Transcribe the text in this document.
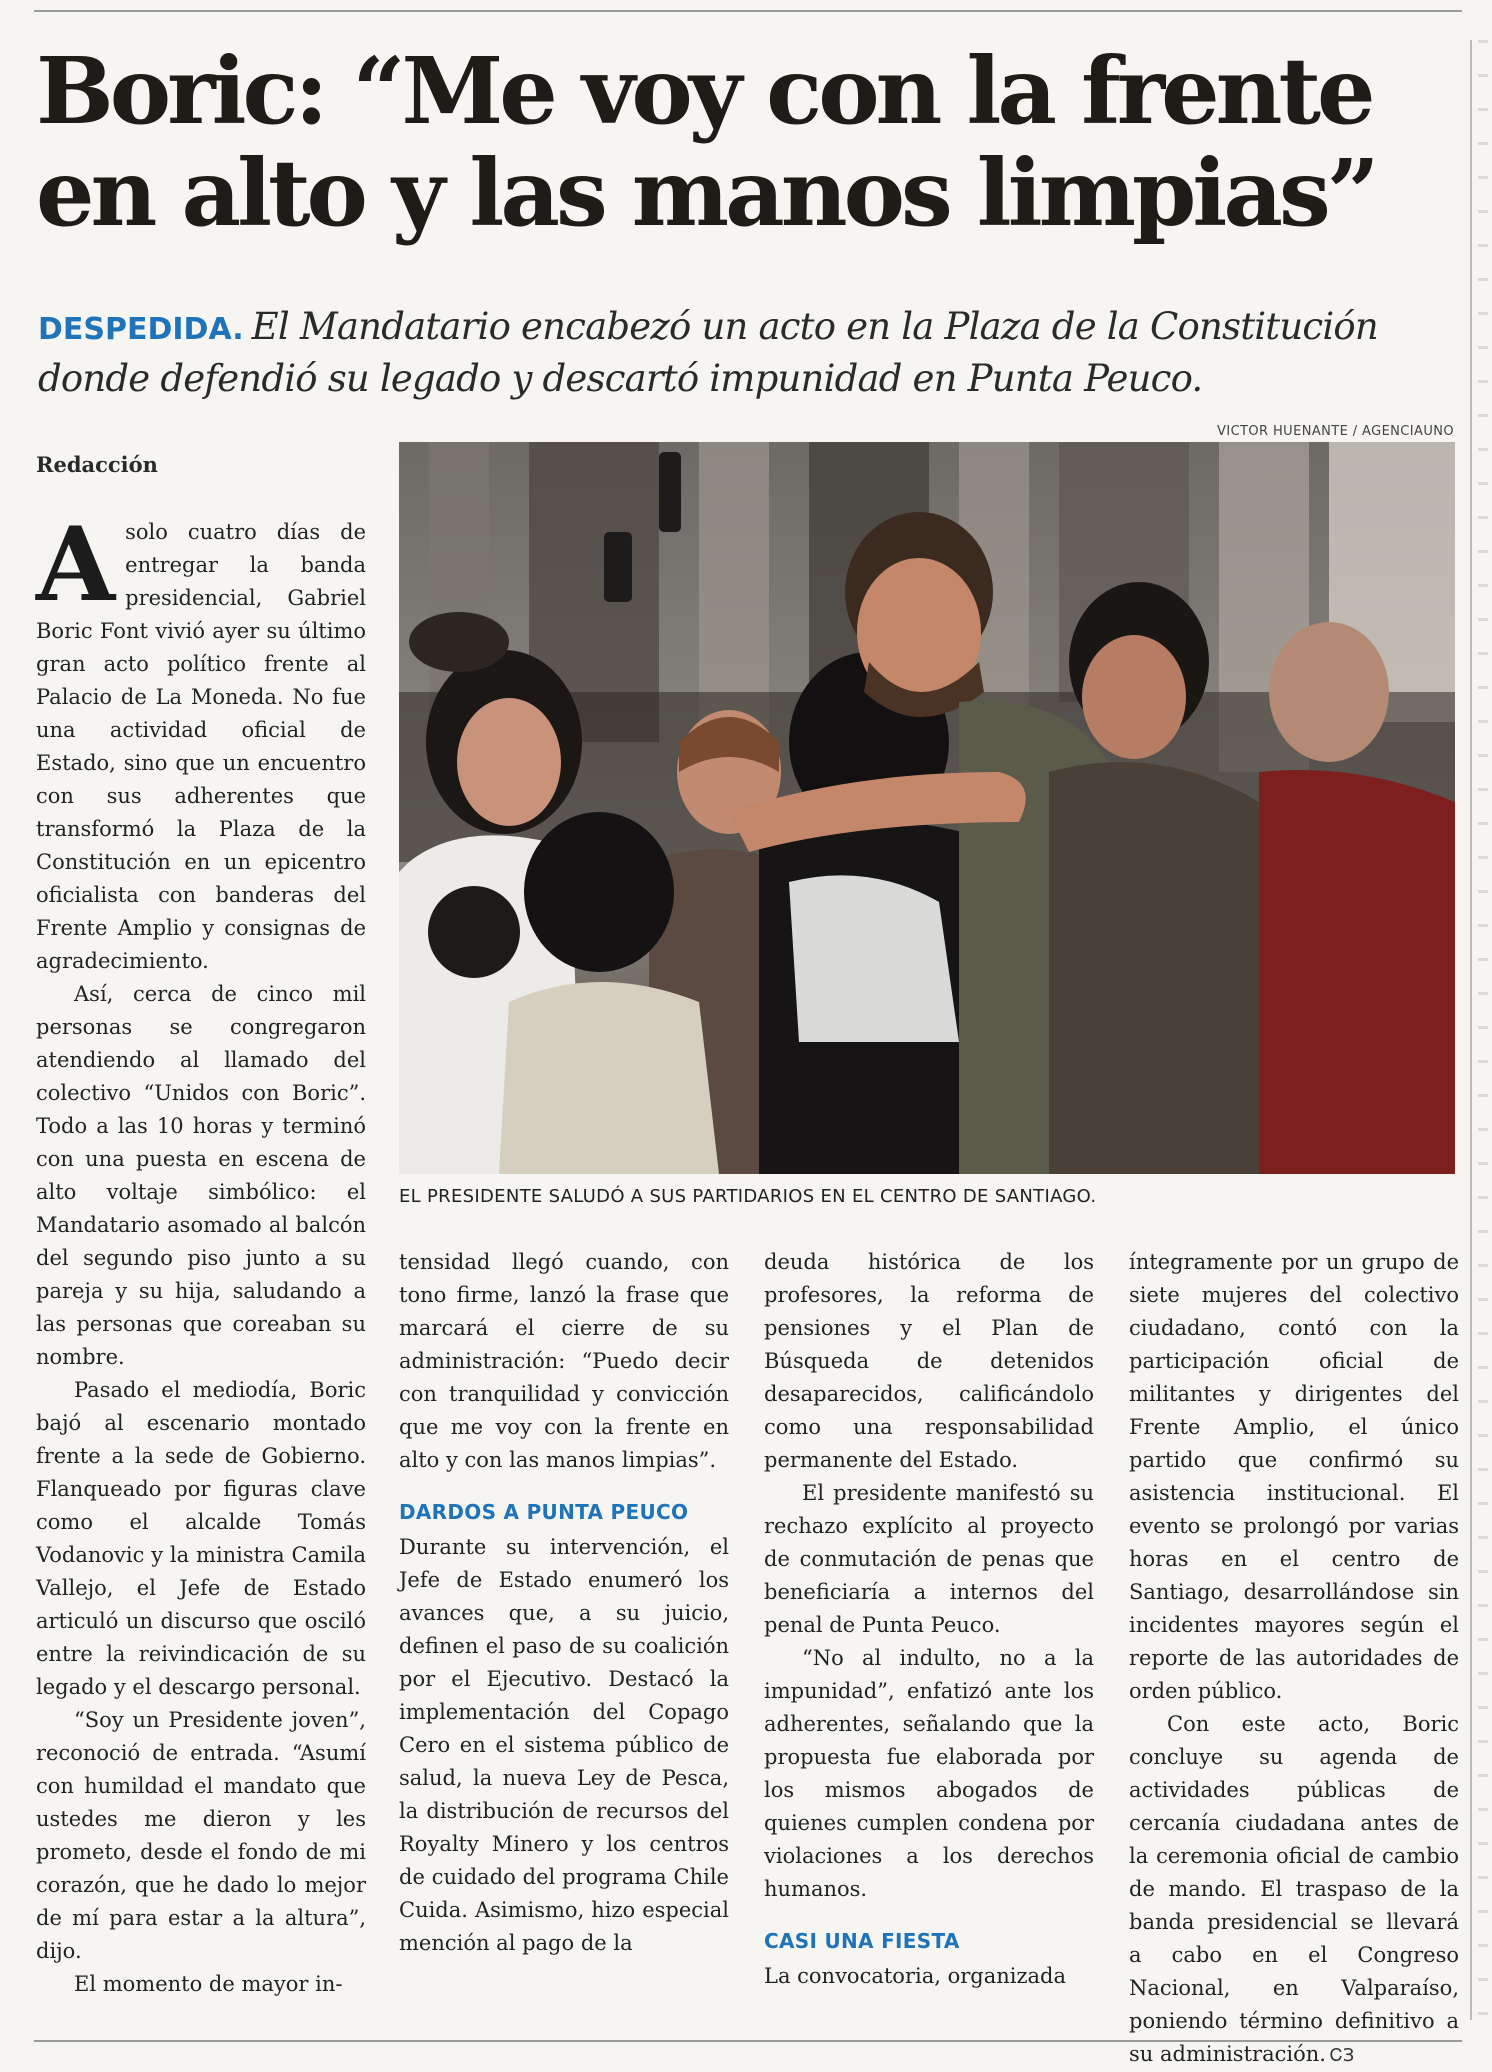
Boric: “Me voy con la frente
en alto y las manos limpias”

DESPEDIDA. El Mandatario encabezó un acto en la Plaza de la Constitución donde defendió su legado y descartó impunidad en Punta Peuco.

VICTOR HUENANTE / AGENCIAUNO

EL PRESIDENTE SALUDÓ A SUS PARTIDARIOS EN EL CENTRO DE SANTIAGO.

Redacción

Asolo cuatro días de entregar la banda presidencial, Gabriel Boric Font vivió ayer su último gran acto político frente al Palacio de La Moneda. No fue una actividad oficial de Estado, sino que un encuentro con sus adherentes que transformó la Plaza de la Constitución en un epicentro oficialista con banderas del Frente Amplio y consignas de agradecimiento.

Así, cerca de cinco mil personas se congregaron atendiendo al llamado del colectivo “Unidos con Boric”. Todo a las 10 horas y terminó con una puesta en escena de alto voltaje simbólico: el Mandatario asomado al balcón del segundo piso junto a su pareja y su hija, saludando a las personas que coreaban su nombre.

Pasado el mediodía, Boric bajó al escenario montado frente a la sede de Gobierno. Flanqueado por figuras clave como el alcalde Tomás Vodanovic y la ministra Camila Vallejo, el Jefe de Estado articuló un discurso que osciló entre la reivindicación de su legado y el descargo personal.

“Soy un Presidente joven”, reconoció de entrada. “Asumí con humildad el mandato que ustedes me dieron y les prometo, desde el fondo de mi corazón, que he dado lo mejor de mí para estar a la altura”, dijo.

El momento de mayor in-

tensidad llegó cuando, con tono firme, lanzó la frase que marcará el cierre de su administración: “Puedo decir con tranquilidad y convicción que me voy con la frente en alto y con las manos limpias”.

DARDOS A PUNTA PEUCO

Durante su intervención, el Jefe de Estado enumeró los avances que, a su juicio, definen el paso de su coalición por el Ejecutivo. Destacó la implementación del Copago Cero en el sistema público de salud, la nueva Ley de Pesca, la distribución de recursos del Royalty Minero y los centros de cuidado del programa Chile Cuida. Asimismo, hizo especial mención al pago de la

deuda histórica de los profesores, la reforma de pensiones y el Plan de Búsqueda de detenidos desaparecidos, calificándolo como una responsabilidad permanente del Estado.

El presidente manifestó su rechazo explícito al proyecto de conmutación de penas que beneficiaría a internos del penal de Punta Peuco.

“No al indulto, no a la impunidad”, enfatizó ante los adherentes, señalando que la propuesta fue elaborada por los mismos abogados de quienes cumplen condena por violaciones a los derechos humanos.

CASI UNA FIESTA

La convocatoria, organizada

íntegramente por un grupo de siete mujeres del colectivo ciudadano, contó con la participación oficial de militantes y dirigentes del Frente Amplio, el único partido que confirmó su asistencia institucional. El evento se prolongó por varias horas en el centro de Santiago, desarrollándose sin incidentes mayores según el reporte de las autoridades de orden público.

Con este acto, Boric concluye su agenda de actividades públicas de cercanía ciudadana antes de la ceremonia oficial de cambio de mando. El traspaso de la banda presidencial se llevará a cabo en el Congreso Nacional, en Valparaíso, poniendo término definitivo a su administración. ᏟЗ
